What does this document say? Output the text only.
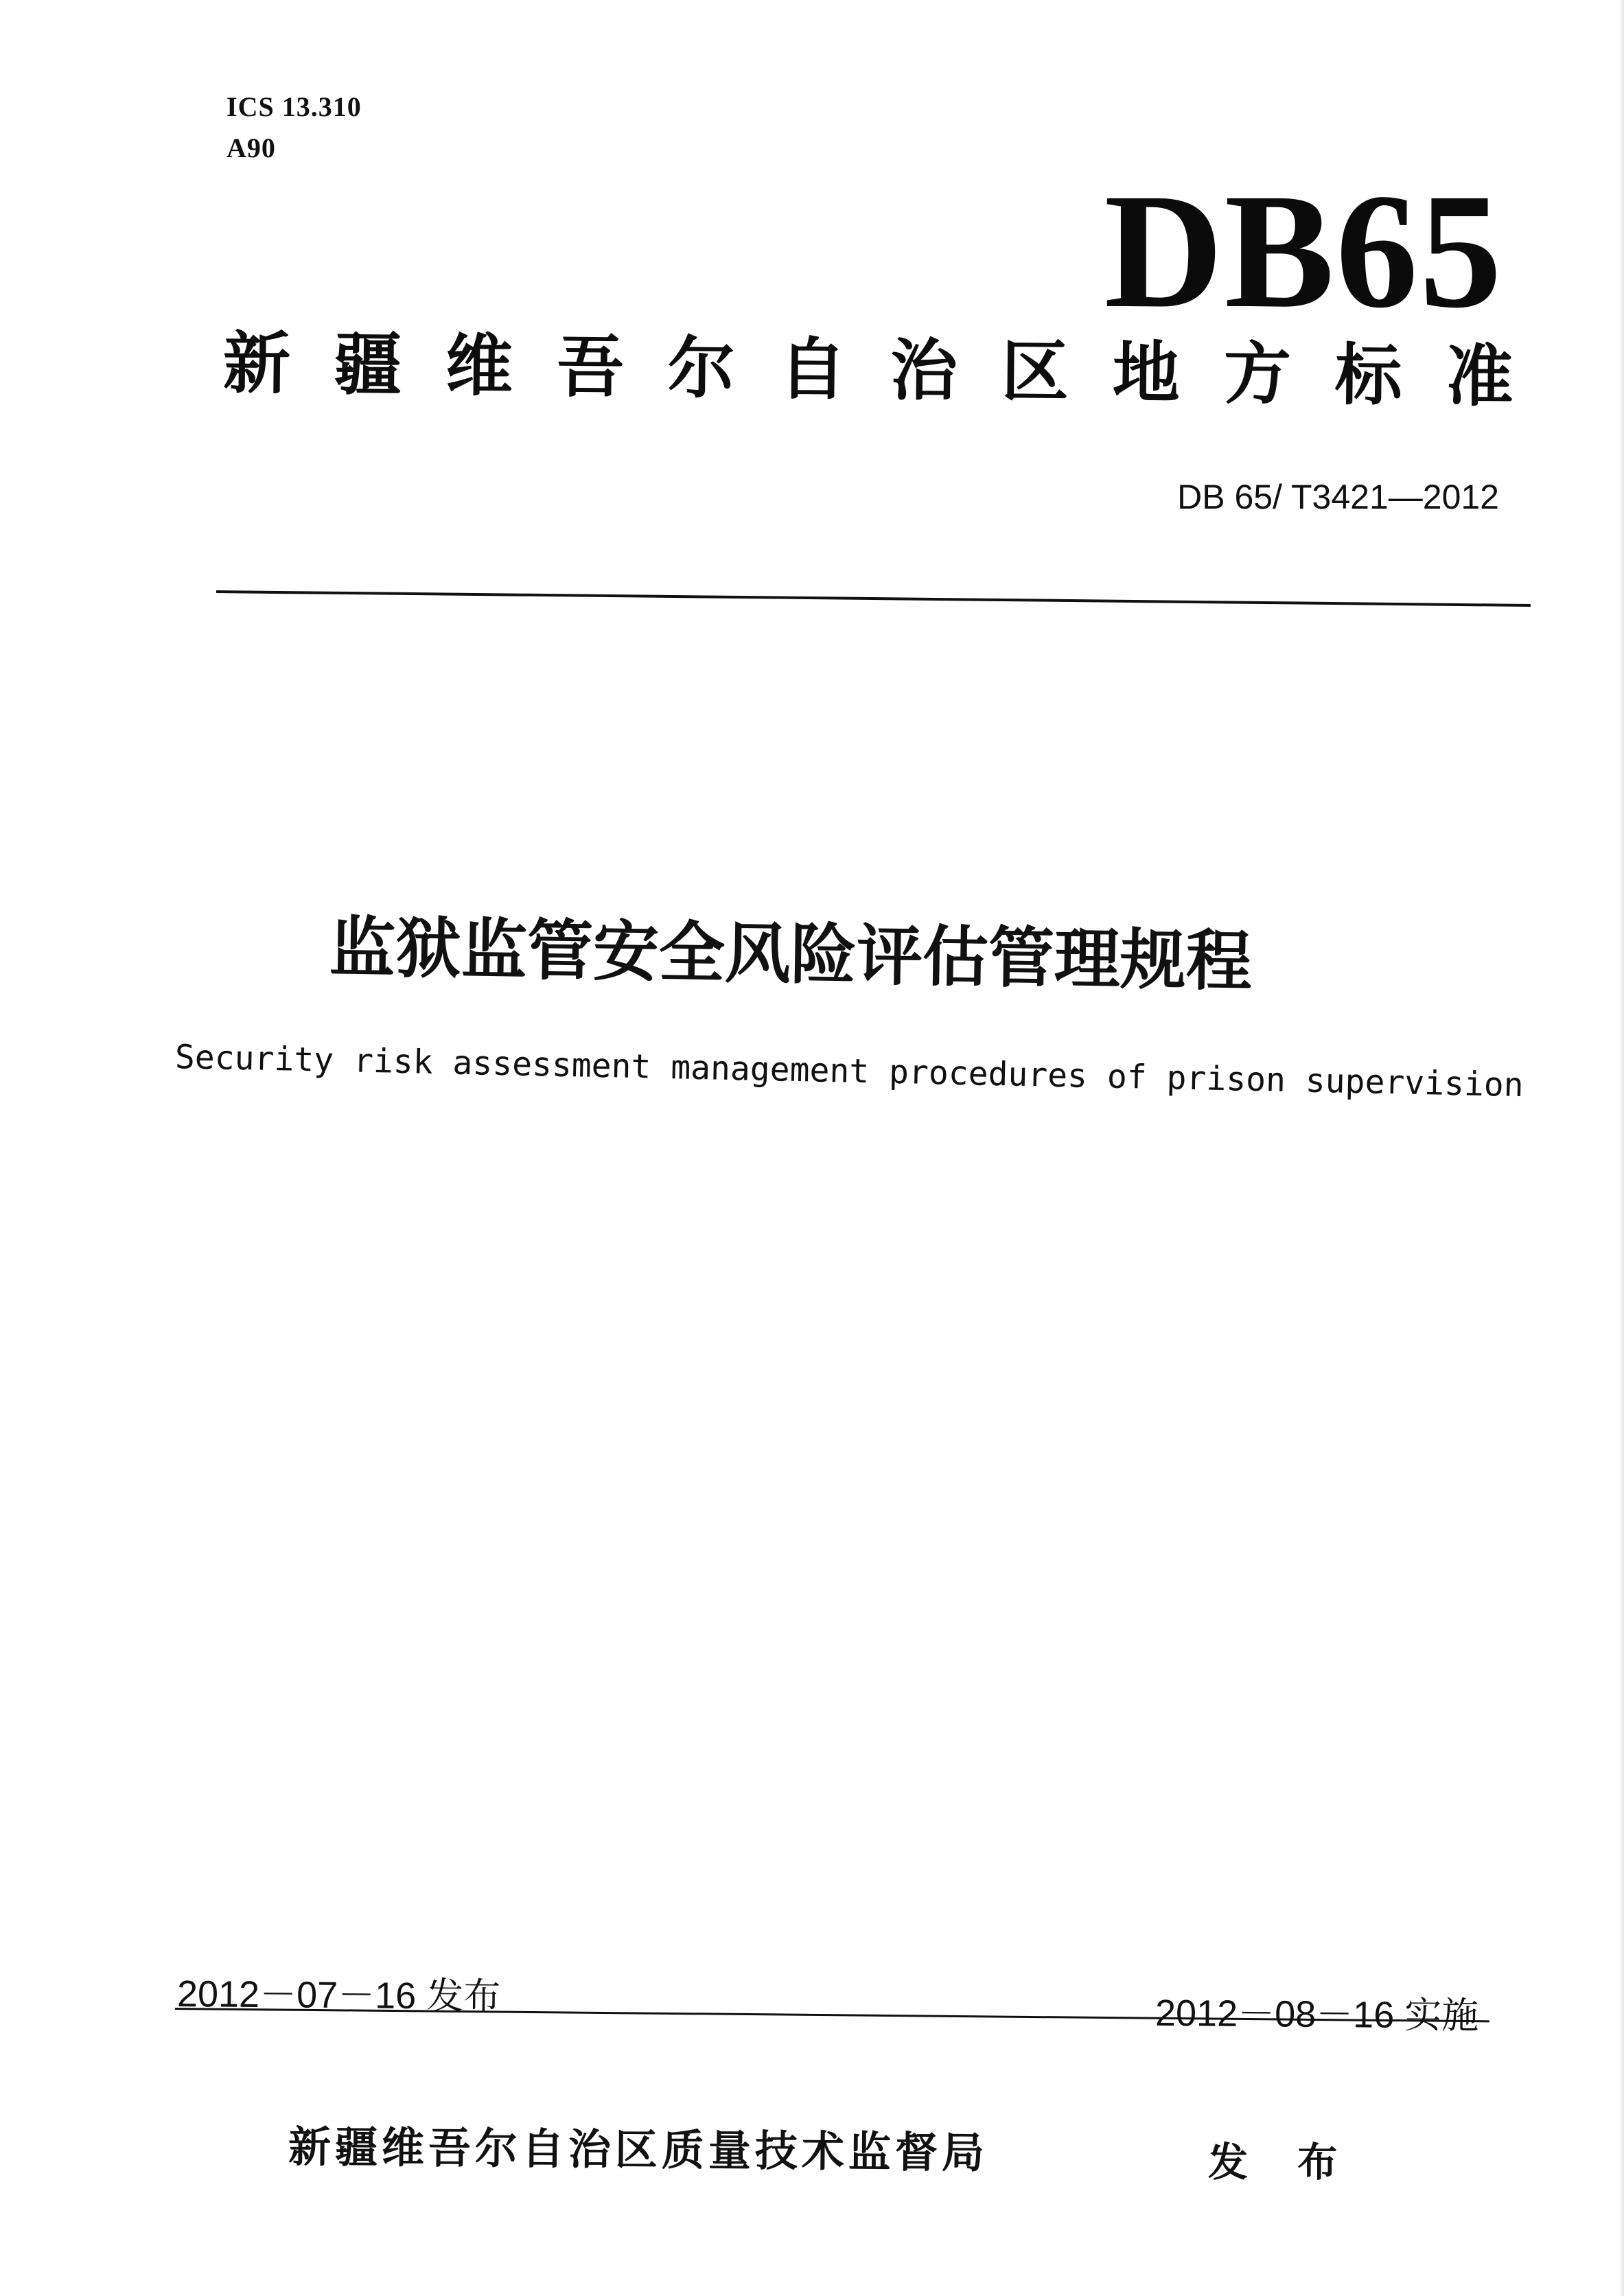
ICS 13.310
A90
DB65
新 疆 维 吾 尔 自 治 区 地 方 标 准
DB 65/ T3421—2012
监狱监管安全风险评估管理规程
Security risk assessment management procedures of prison supervision
2012－07－16 发布	2012－08－16 实施
新疆维吾尔自治区质量技术监督局	发 布
